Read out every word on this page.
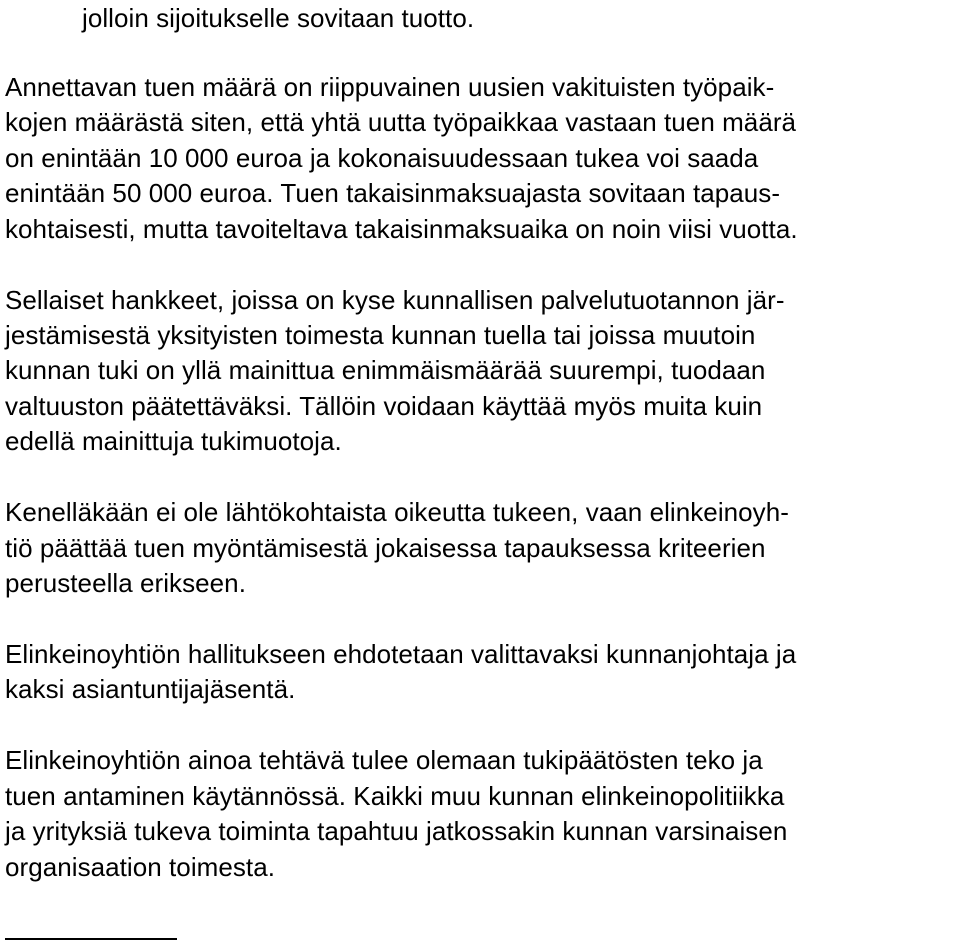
jolloin sijoitukselle sovitaan tuotto.
Annettavan tuen määrä on riippuvainen uusien vakituisten työpaik-
kojen määrästä siten, että yhtä uutta työpaikkaa vastaan tuen määrä
on enintään 10 000 euroa ja kokonaisuudessaan tukea voi saada
enintään 50 000 euroa. Tuen takaisinmaksuajasta sovitaan tapaus-
kohtaisesti, mutta tavoiteltava takaisinmaksuaika on noin viisi vuotta.
Sellaiset hankkeet, joissa on kyse kunnallisen palvelutuotannon jär-
jestämisestä yksityisten toimesta kunnan tuella tai joissa muutoin
kunnan tuki on yllä mainittua enimmäismäärää suurempi, tuodaan
valtuuston päätettäväksi. Tällöin voidaan käyttää myös muita kuin
edellä mainittuja tukimuotoja.
Kenelläkään ei ole lähtökohtaista oikeutta tukeen, vaan elinkeinoyh-
tiö päättää tuen myöntämisestä jokaisessa tapauksessa kriteerien
perusteella erikseen.
Elinkeinoyhtiön hallitukseen ehdotetaan valittavaksi kunnanjohtaja ja
kaksi asiantuntijajäsentä.
Elinkeinoyhtiön ainoa tehtävä tulee olemaan tukipäätösten teko ja
tuen antaminen käytännössä. Kaikki muu kunnan elinkeinopolitiikka
ja yrityksiä tukeva toiminta tapahtuu jatkossakin kunnan varsinaisen
organisaation toimesta.
